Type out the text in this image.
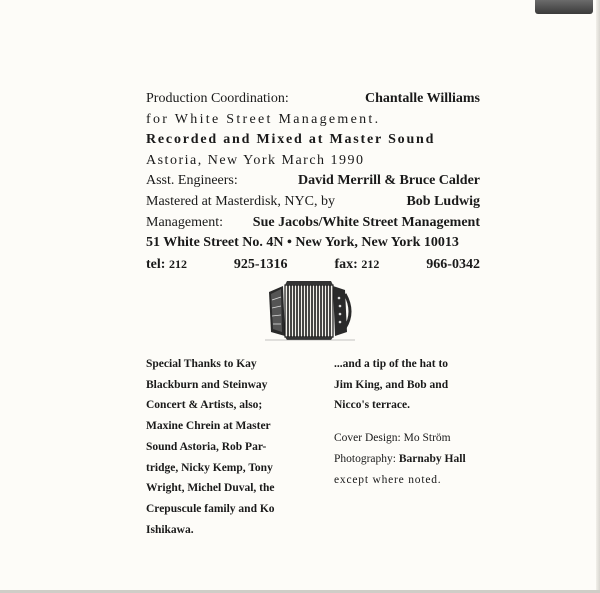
Production Coordination:	Chantalle Williams
for White Street Management.
Recorded and Mixed at Master Sound
Astoria, New York March 1990
Asst. Engineers:	David Merrill & Bruce Calder
Mastered at Masterdisk, NYC, by	Bob Ludwig
Management: Sue Jacobs/White Street Management
51 White Street No. 4N • New York, New York 10013
tel: 212	925-1316	fax: 212	966-0342
Special Thanks to Kay
Blackburn and Steinway
Concert & Artists, also;
Maxine Chrein at Master
Sound Astoria, Rob Par-
tridge, Nicky Kemp, Tony
Wright, Michel Duval, the
Crepuscule family and Ko
Ishikawa.
...and a tip of the hat to
Jim King, and Bob and
Nicco's terrace.
Cover Design: Mo Ström
Photography: Barnaby Hall
except where noted.
